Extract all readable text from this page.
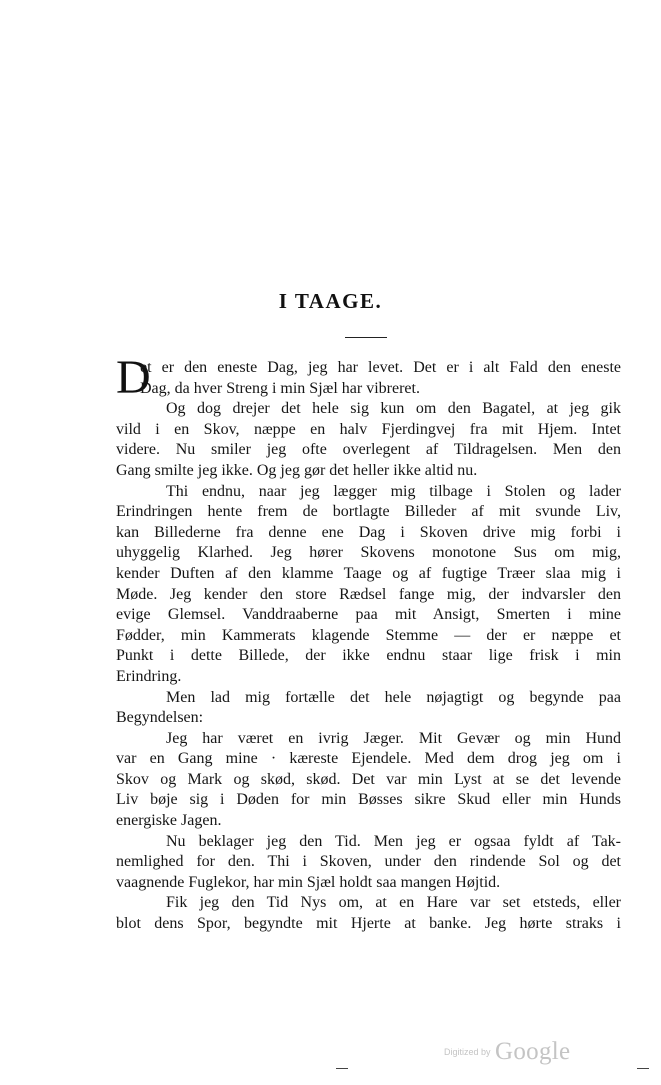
I TAAGE.
D
et er den eneste Dag, jeg har levet. Det er i alt Fald den eneste
Dag, da hver Streng i min Sjæl har vibreret.
Og dog drejer det hele sig kun om den Bagatel, at jeg gik
vild i en Skov, næppe en halv Fjerdingvej fra mit Hjem. Intet
videre. Nu smiler jeg ofte overlegent af Tildragelsen. Men den
Gang smilte jeg ikke. Og jeg gør det heller ikke altid nu.
Thi endnu, naar jeg lægger mig tilbage i Stolen og lader
Erindringen hente frem de bortlagte Billeder af mit svunde Liv,
kan Billederne fra denne ene Dag i Skoven drive mig forbi i
uhyggelig Klarhed. Jeg hører Skovens monotone Sus om mig,
kender Duften af den klamme Taage og af fugtige Træer slaa mig i
Møde. Jeg kender den store Rædsel fange mig, der indvarsler den
evige Glemsel. Vanddraaberne paa mit Ansigt, Smerten i mine
Fødder, min Kammerats klagende Stemme — der er næppe et
Punkt i dette Billede, der ikke endnu staar lige frisk i min
Erindring.
Men lad mig fortælle det hele nøjagtigt og begynde paa
Begyndelsen:
Jeg har været en ivrig Jæger. Mit Gevær og min Hund
var en Gang mine · kæreste Ejendele. Med dem drog jeg om i
Skov og Mark og skød, skød. Det var min Lyst at se det levende
Liv bøje sig i Døden for min Bøsses sikre Skud eller min Hunds
energiske Jagen.
Nu beklager jeg den Tid. Men jeg er ogsaa fyldt af Tak-
nemlighed for den. Thi i Skoven, under den rindende Sol og det
vaagnende Fuglekor, har min Sjæl holdt saa mangen Højtid.
Fik jeg den Tid Nys om, at en Hare var set etsteds, eller
blot dens Spor, begyndte mit Hjerte at banke. Jeg hørte straks i
Digitized by Google
